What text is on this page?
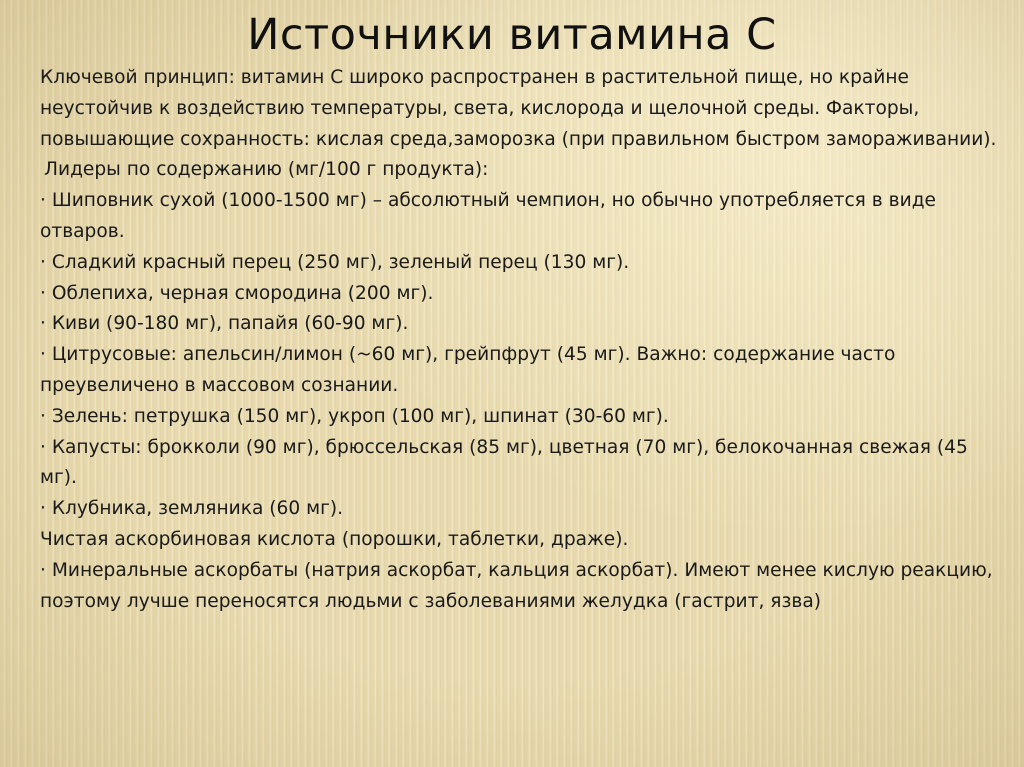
Источники витамина С

Ключевой принцип: витамин С широко распространен в растительной пище, но крайне неустойчив к воздействию температуры, света, кислорода и щелочной среды. Факторы, повышающие сохранность: кислая среда,заморозка (при правильном быстром замораживании).

Лидеры по содержанию (мг/100 г продукта):

· Шиповник сухой (1000-1500 мг) – абсолютный чемпион, но обычно употребляется в виде отваров.

· Сладкий красный перец (250 мг), зеленый перец (130 мг).

· Облепиха, черная смородина (200 мг).

· Киви (90-180 мг), папайя (60-90 мг).

· Цитрусовые: апельсин/лимон (~60 мг), грейпфрут (45 мг). Важно: содержание часто преувеличено в массовом сознании.

· Зелень: петрушка (150 мг), укроп (100 мг), шпинат (30-60 мг).

· Капусты: брокколи (90 мг), брюссельская (85 мг), цветная (70 мг), белокочанная свежая (45 мг).

· Клубника, земляника (60 мг).

Чистая аскорбиновая кислота (порошки, таблетки, драже).

· Минеральные аскорбаты (натрия аскорбат, кальция аскорбат). Имеют менее кислую реакцию, поэтому лучше переносятся людьми с заболеваниями желудка (гастрит, язва)
